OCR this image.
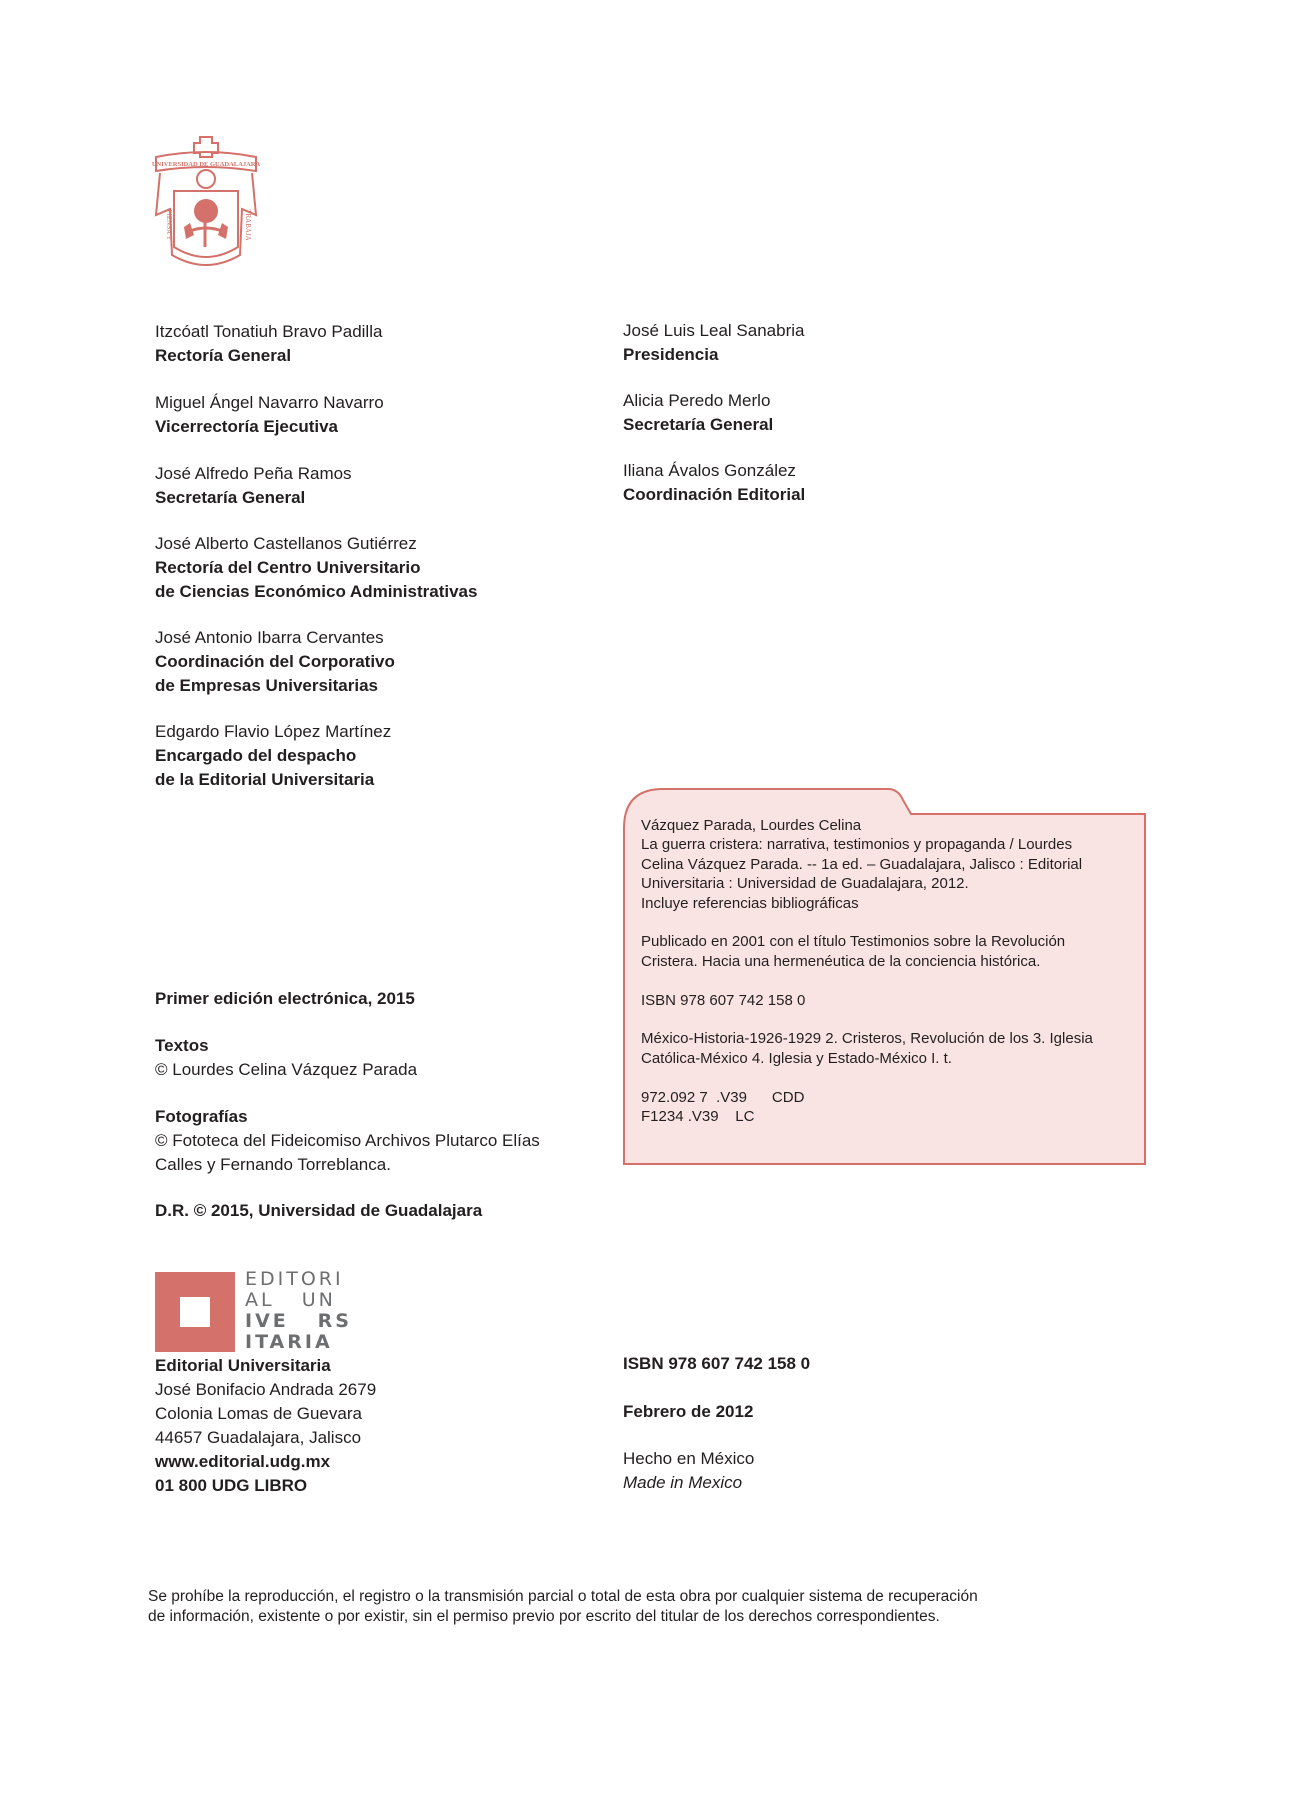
UNIVERSIDAD DE GUADALAJARA
PIENSA Y	TRABAJA
Itzcóatl Tonatiuh Bravo Padilla
Rectoría General
Miguel Ángel Navarro Navarro
Vicerrectoría Ejecutiva
José Alfredo Peña Ramos
Secretaría General
José Alberto Castellanos Gutiérrez
Rectoría del Centro Universitario
de Ciencias Económico Administrativas
José Antonio Ibarra Cervantes
Coordinación del Corporativo
de Empresas Universitarias
Edgardo Flavio López Martínez
Encargado del despacho
de la Editorial Universitaria
José Luis Leal Sanabria
Presidencia
Alicia Peredo Merlo
Secretaría General
Iliana Ávalos González
Coordinación Editorial
Vázquez Parada, Lourdes Celina
La guerra cristera: narrativa, testimonios y propaganda / Lourdes
Celina Vázquez Parada. -- 1a ed. – Guadalajara, Jalisco : Editorial
Universitaria : Universidad de Guadalajara, 2012.
Incluye referencias bibliográficas
Publicado en 2001 con el título Testimonios sobre la Revolución
Cristera. Hacia una hermenéutica de la conciencia histórica.
ISBN 978 607 742 158 0
México-Historia-1926-1929 2. Cristeros, Revolución de los 3. Iglesia
Católica-México 4. Iglesia y Estado-México I. t.
972.092 7  .V39      CDD
F1234 .V39    LC
Primer edición electrónica, 2015
Textos
© Lourdes Celina Vázquez Parada
Fotografías
© Fototeca del Fideicomiso Archivos Plutarco Elías
Calles y Fernando Torreblanca.
D.R. © 2015, Universidad de Guadalajara
EDITORI
AL   UN
IVE   RS
ITARIA
Editorial Universitaria
José Bonifacio Andrada 2679
Colonia Lomas de Guevara
44657 Guadalajara, Jalisco
www.editorial.udg.mx
01 800 UDG LIBRO
ISBN 978 607 742 158 0
Febrero de 2012
Hecho en México
Made in Mexico
Se prohíbe la reproducción, el registro o la transmisión parcial o total de esta obra por cualquier sistema de recuperación
de información, existente o por existir, sin el permiso previo por escrito del titular de los derechos correspondientes.
